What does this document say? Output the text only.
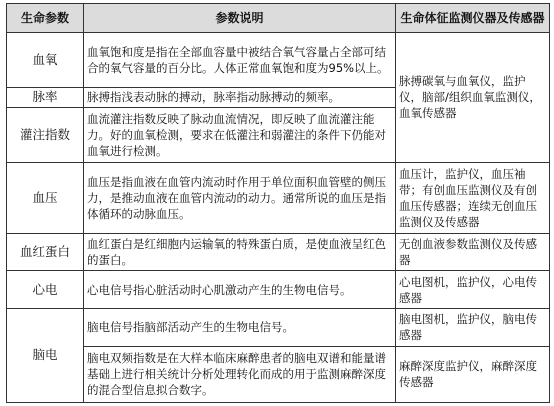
生命参数	参数说明	生命体征监测仪器及传感器
血氧	血氧饱和度是指在全部血容量中被结合氧气容量占全部可结合的氧气容量的百分比。人体正常血氧饱和度为95%以上。	脉搏碳氧与血氧仪，监护仪，脑部/组织血氧监测仪，血氧传感器
脉率	脉搏指浅表动脉的搏动，脉率指动脉搏动的频率。	
灌注指数	血流灌注指数反映了脉动血流情况，即反映了血流灌注能力。好的血氧检测，要求在低灌注和弱灌注的条件下仍能对血氧进行检测。	
血压	血压是指血液在血管内流动时作用于单位面积血管壁的侧压力，是推动血液在血管内流动的动力。通常所说的血压是指体循环的动脉血压。	血压计，监护仪，血压袖带；有创血压监测仪及有创血压传感器；连续无创血压监测仪及传感器
血红蛋白	血红蛋白是红细胞内运输氧的特殊蛋白质，是使血液呈红色的蛋白。	无创血液参数监测仪及传感器
心电	心电信号指心脏活动时心肌激动产生的生物电信号。	心电图机，监护仪，心电传感器
脑电	脑电信号指脑部活动产生的生物电信号。	脑电图机，监护仪，脑电传感器
	脑电双频指数是在大样本临床麻醉患者的脑电双谱和能量谱基础上进行相关统计分析处理转化而成的用于监测麻醉深度的混合型信息拟合数字。	麻醉深度监护仪，麻醉深度传感器
